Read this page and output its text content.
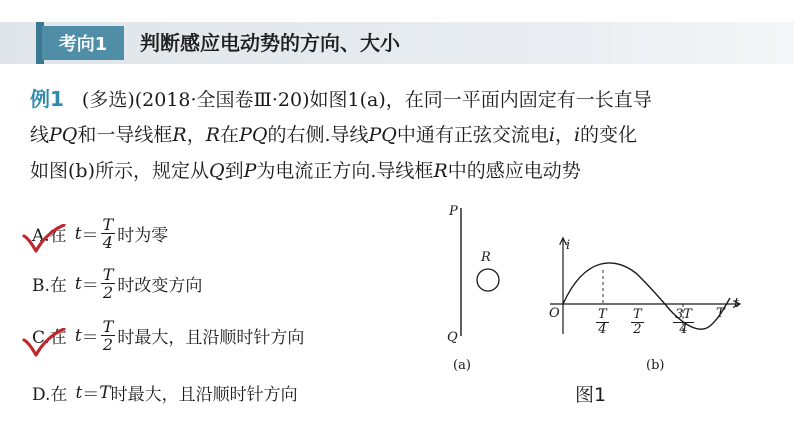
考向1	判断感应电动势的方向、大小
例1 (多选)(2018·全国卷Ⅲ·20)如图1(a)，在同一平面内固定有一长直导
线PQ和一导线框R，R在PQ的右侧.导线PQ中通有正弦交流电i，i的变化
如图(b)所示，规定从Q到P为电流正方向.导线框R中的感应电动势
A.在 $t = \frac{T}{4}$ 时为零
B.在 $t = \frac{T}{2}$ 时改变方向
C.在 $t = \frac{T}{2}$ 时最大，且沿顺时针方向
D.在 t ＝ T 时最大，且沿顺时针方向
P
Q
R
(a)
i
t
O	$\frac{T}{4} \frac{T}{2} \frac{3T}{4}$ T
(b)
图1
